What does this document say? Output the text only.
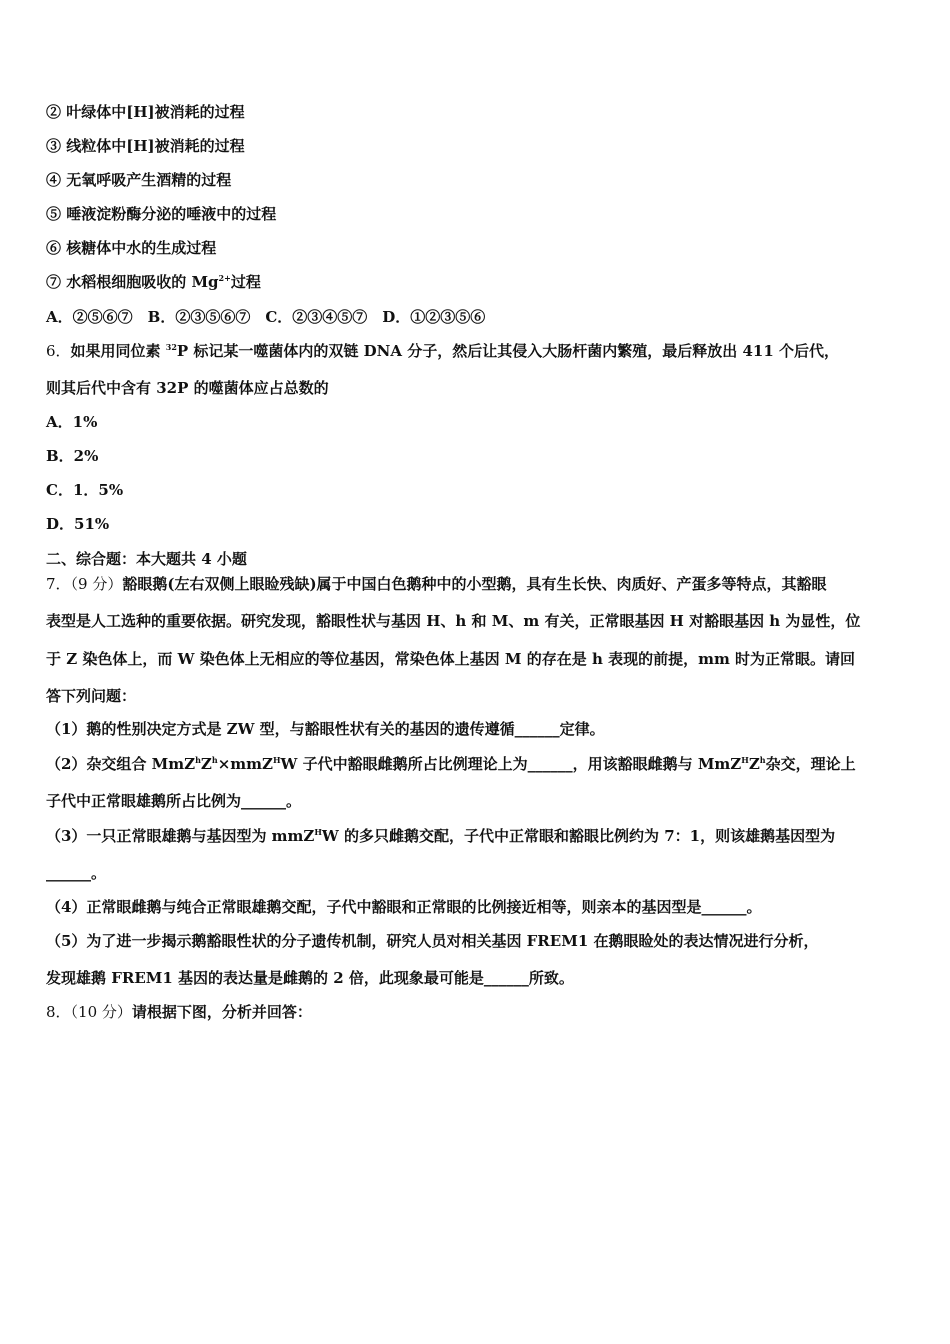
② 叶绿体中[H]被消耗的过程
③ 线粒体中[H]被消耗的过程
④ 无氧呼吸产生酒精的过程
⑤ 唾液淀粉酶分泌的唾液中的过程
⑥ 核糖体中水的生成过程
⑦ 水稻根细胞吸收的 $Mg^{2+}$过程
A．②⑤⑥⑦　B．②③⑤⑥⑦　C．②③④⑤⑦　D．①②③⑤⑥
6．如果用同位素 $^{32}$P 标记某一噬菌体内的双链 DNA 分子，然后让其侵入大肠杆菌内繁殖，最后释放出 411 个后代，
则其后代中含有 32P 的噬菌体应占总数的
A．1%
B．2%
C．1．5%
D．51%
二、综合题：本大题共 4 小题
7．（9 分）豁眼鹅(左右双侧上眼睑残缺)属于中国白色鹅种中的小型鹅，具有生长快、肉质好、产蛋多等特点，其豁眼
表型是人工选种的重要依据。研究发现，豁眼性状与基因 H、h 和 M、m 有关，正常眼基因 H 对豁眼基因 h 为显性，位
于 Z 染色体上，而 W 染色体上无相应的等位基因，常染色体上基因 M 的存在是 h 表现的前提，mm 时为正常眼。请回
答下列问题：
（1）鹅的性别决定方式是 ZW 型，与豁眼性状有关的基因的遗传遵循______定律。
（2）杂交组合 $MmZ^hZ^h\times mmZ^HW$ 子代中豁眼雌鹅所占比例理论上为______，用该豁眼雌鹅与 $MmZ^HZ^h$杂交，理论上
子代中正常眼雄鹅所占比例为______。
（3）一只正常眼雄鹅与基因型为 mmZ$^H$W 的多只雌鹅交配，子代中正常眼和豁眼比例约为 7：1，则该雄鹅基因型为
______。
（4）正常眼雌鹅与纯合正常眼雄鹅交配，子代中豁眼和正常眼的比例接近相等，则亲本的基因型是______。
（5）为了进一步揭示鹅豁眼性状的分子遗传机制，研究人员对相关基因 FREM1 在鹅眼睑处的表达情况进行分析，
发现雄鹅 FREM1 基因的表达量是雌鹅的 2 倍，此现象最可能是______所致。
8．（10 分）请根据下图，分析并回答：
